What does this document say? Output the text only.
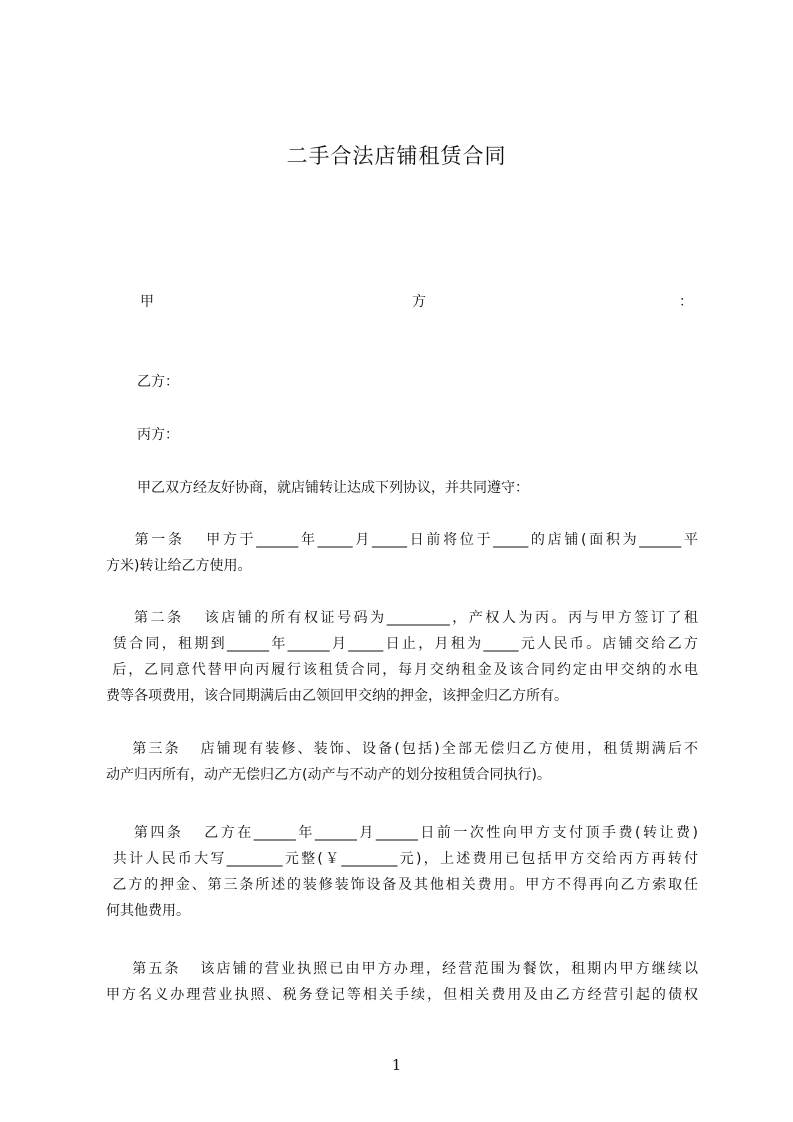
二手合法店铺租赁合同
甲	方	：
乙方：
丙方：
甲乙双方经友好协商，就店铺转让达成下列协议，并共同遵守：
第一条   甲方于______年_____月_____日前将位于_____的店铺(面积为______平
方米)转让给乙方使用。
第二条   该店铺的所有权证号码为_________，产权人为丙。丙与甲方签订了租
赁合同，租期到______年______月_____日止，月租为_____元人民币。店铺交给乙方
后，乙同意代替甲向丙履行该租赁合同，每月交纳租金及该合同约定由甲交纳的水电
费等各项费用，该合同期满后由乙领回甲交纳的押金，该押金归乙方所有。
第三条   店铺现有装修、装饰、设备(包括)全部无偿归乙方使用，租赁期满后不
动产归丙所有，动产无偿归乙方(动产与不动产的划分按租赁合同执行)。
第四条   乙方在______年______月______日前一次性向甲方支付顶手费(转让费)
共计人民币大写________元整(￥________元)，上述费用已包括甲方交给丙方再转付
乙方的押金、第三条所述的装修装饰设备及其他相关费用。甲方不得再向乙方索取任
何其他费用。
第五条   该店铺的营业执照已由甲方办理，经营范围为餐饮，租期内甲方继续以
甲方名义办理营业执照、税务登记等相关手续，但相关费用及由乙方经营引起的债权
1
